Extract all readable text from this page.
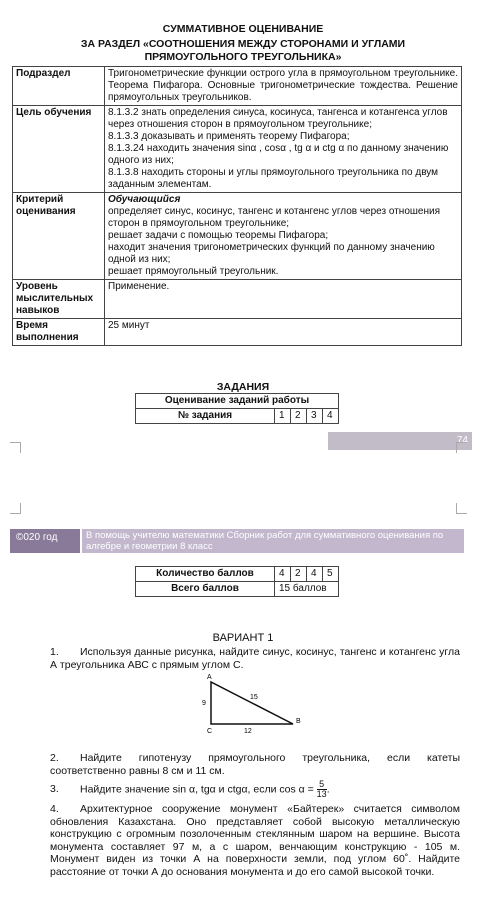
СУММАТИВНОЕ ОЦЕНИВАНИЕ
ЗА РАЗДЕЛ «СООТНОШЕНИЯ МЕЖДУ СТОРОНАМИ И УГЛАМИ
ПРЯМОУГОЛЬНОГО ТРЕУГОЛЬНИКА»
Подраздел	Тригонометрические функции острого угла в прямоугольном треугольнике. Теорема Пифагора. Основные тригонометрические тождества. Решение прямоугольных треугольников.
Цель обучения	8.1.3.2 знать определения синуса, косинуса, тангенса и котангенса углов через отношения сторон в прямоугольном треугольнике;
8.1.3.3 доказывать и применять теорему Пифагора;
8.1.3.24 находить значения sinα , cosα , tg α и ctg α по данному значению одного из них;
8.1.3.8 находить стороны и углы прямоугольного треугольника по двум заданным элементам.

Критерий оценивания	Обучающийся
определяет синус, косинус, тангенс и котангенс углов через отношения сторон в прямоугольном треугольнике;
решает задачи с помощью теоремы Пифагора;
находит значения тригонометрических функций по данному значению одной из них;
решает прямоугольный треугольник.

Уровень мыслительных навыков	Применение.
Время выполнения	25 минут
ЗАДАНИЯ
Оценивание заданий работы
№ задания	1	2	3	4
74
©020 год	В помощь учителю математики Сборник работ для суммативного оценивания по алгебре и геометрии 8 класс
Количество баллов	4	2	4	5
Всего баллов	15 баллов			
ВАРИАНТ 1
1. Используя данные рисунка, найдите синус, косинус, тангенс и котангенс угла А треугольника АВС с прямым углом С.
A
B
C
9
15
12
2. Найдите гипотенузу прямоугольного треугольника, если катеты соответственно равны 8 см и 11 см.
3. Найдите значение sin α, tgα и ctgα, если $\cos \alpha = \frac{5}{13}$ .
4. Архитектурное сооружение монумент «Байтерек» считается символом обновления Казахстана. Оно представляет собой высокую металлическую конструкцию с огромным позолоченным стеклянным шаром на вершине. Высота монумента составляет 97 м, а с шаром, венчающим конструкцию - 105 м. Монумент виден из точки А на поверхности земли, под углом 60˚. Найдите расстояние от точки А до основания монумента и до его самой высокой точки.
